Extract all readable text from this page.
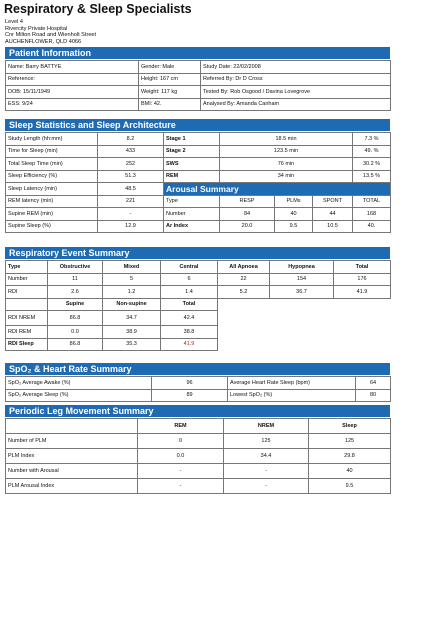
Respiratory & Sleep Specialists
Level 4
Rivercity Private Hospital
Cnr Milton Road and Wienholt Street
AUCHENFLOWER, QLD 4066
Patient Information
Name: Barry BATTYE	Gender: Male	Study Date: 22/02/2008
Reference:	Height: 167 cm	Referred By: Dr D Cross
DOB: 15/11/1949	Weight: 117 kg	Tested By: Rob Osgood / Davina Lovegrove
ESS: 9/24	BMI: 42.	Analysed By: Amanda Canham
Sleep Statistics and Sleep Architecture
Study Length (hh:mm)	8.2	Stage 1	18.5 min			7.3 %
Time for Sleep (min)	433	Stage 2	123.5 min			49. %
Total Sleep Time (min)	252	SWS	76 min			30.2 %
Sleep Efficiency (%)	51.3	REM	34 min			13.5 %
Sleep Latency (min)	48.5	Arousal Summary				
REM latency (min)	221	Type	RESP	PLMs	SPONT	TOTAL
Supine REM (min)	-	Number	84	40	44	168
Supine Sleep (%)	12.9	Ar Index	20.0	9.5	10.5	40.
Respiratory Event Summary
Type	Obstructive	Mixed	Central	All Apnoea	Hypopnea	Total
Number	11	5	6	22	154	176
RDI	2.6	1.2	1.4	5.2	36.7	41.9
	Supine	Non-supine	Total			
RDI NREM	86.8	34.7	42.4			
RDI REM	0.0	38.9	38.8			
RDI Sleep	86.8	35.3	41.9			
SpO₂ & Heart Rate Summary
SpO₂ Average Awake (%)	96	Average Heart Rate Sleep (bpm)	64
SpO₂ Average Sleep (%)	89	Lowest SpO₂ (%)	80
Periodic Leg Movement Summary
	REM	NREM	Sleep
Number of PLM	0	125	125
PLM Index	0.0	34.4	29.8
Number with Arousal	-	-	40
PLM Arousal Index	-	-	9.5
